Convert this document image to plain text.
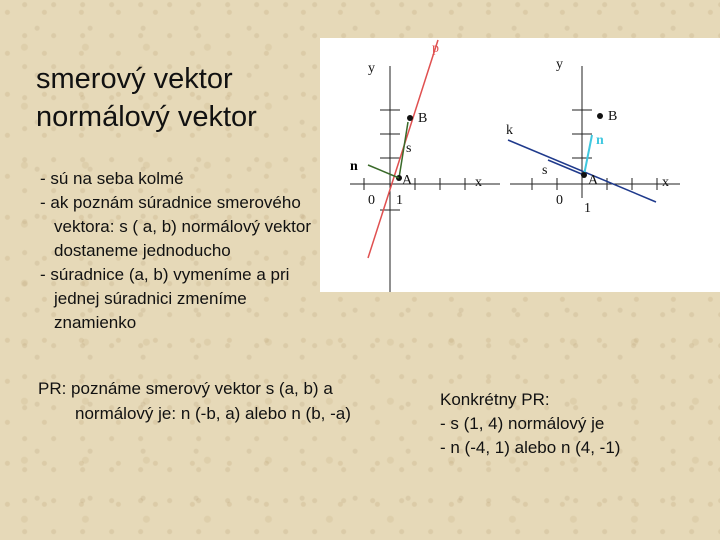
smerový vektor
normálový vektor

- sú na seba kolmé

- ak poznám súradnice smerového

vektora: s ( a, b) normálový vektor

dostaneme jednoducho

- súradnice (a, b) vymeníme a pri

jednej súradnici zmeníme

znamienko

y
x
0 1
p
B
A
s
n
y
x
0
1
k
s
n
B
A

PR: poznáme smerový vektor s (a, b) a

normálový je: n (-b, a) alebo n (b, -a)

Konkrétny PR:

- s (1, 4) normálový je

- n (-4, 1) alebo n (4, -1)
